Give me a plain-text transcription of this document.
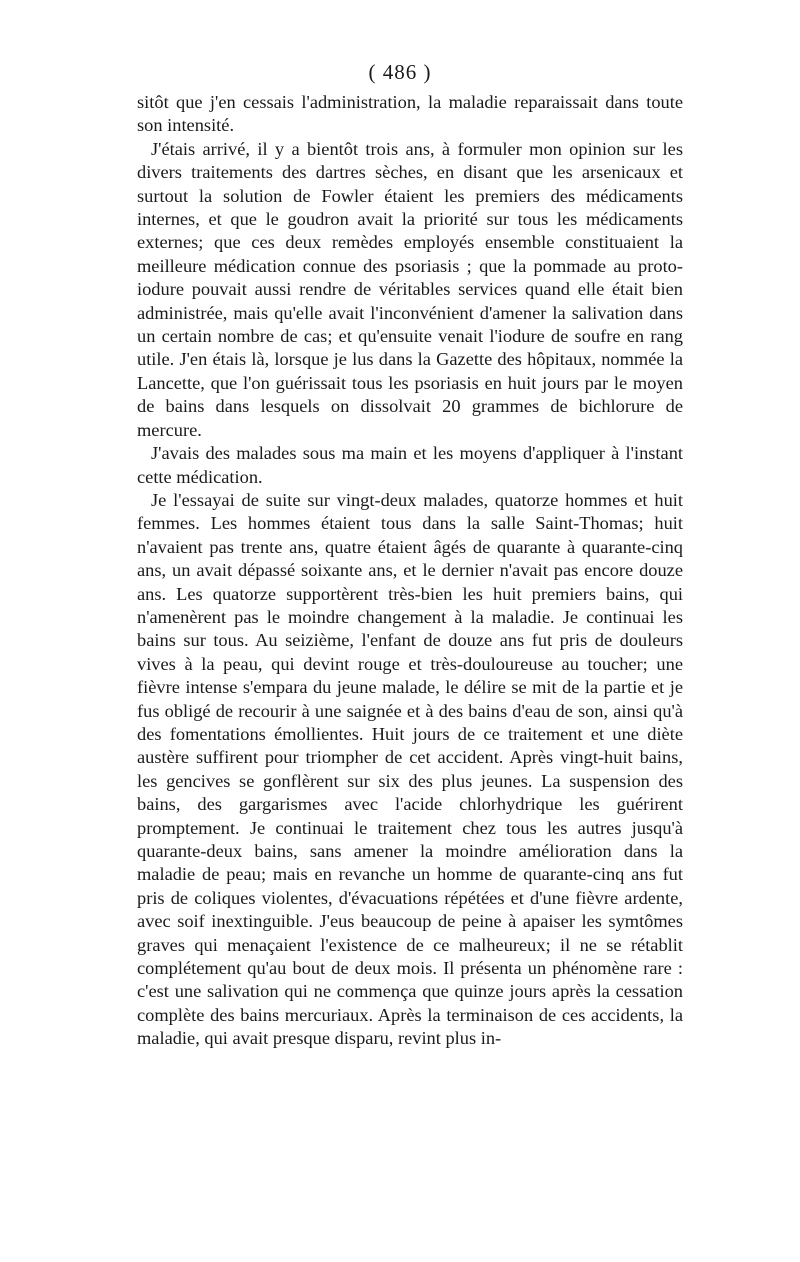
( 486 )

sitôt que j'en cessais l'administration, la maladie reparaissait dans toute son intensité.

J'étais arrivé, il y a bientôt trois ans, à formuler mon opinion sur les divers traitements des dartres sèches, en disant que les arsenicaux et surtout la solution de Fowler étaient les premiers des médicaments internes, et que le goudron avait la priorité sur tous les médicaments externes; que ces deux remèdes employés ensemble constituaient la meilleure médication connue des psoriasis ; que la pommade au proto-iodure pouvait aussi rendre de véritables services quand elle était bien administrée, mais qu'elle avait l'inconvénient d'amener la salivation dans un certain nombre de cas; et qu'ensuite venait l'iodure de soufre en rang utile. J'en étais là, lorsque je lus dans la Gazette des hôpitaux, nommée la Lancette, que l'on guérissait tous les psoriasis en huit jours par le moyen de bains dans lesquels on dissolvait 20 grammes de bichlorure de mercure.

J'avais des malades sous ma main et les moyens d'appliquer à l'instant cette médication.

Je l'essayai de suite sur vingt-deux malades, quatorze hommes et huit femmes. Les hommes étaient tous dans la salle Saint-Thomas; huit n'avaient pas trente ans, quatre étaient âgés de quarante à quarante-cinq ans, un avait dépassé soixante ans, et le dernier n'avait pas encore douze ans. Les quatorze supportèrent très-bien les huit premiers bains, qui n'amenèrent pas le moindre changement à la maladie. Je continuai les bains sur tous. Au seizième, l'enfant de douze ans fut pris de douleurs vives à la peau, qui devint rouge et très-douloureuse au toucher; une fièvre intense s'empara du jeune malade, le délire se mit de la partie et je fus obligé de recourir à une saignée et à des bains d'eau de son, ainsi qu'à des fomentations émollientes. Huit jours de ce traitement et une diète austère suffirent pour triompher de cet accident. Après vingt-huit bains, les gencives se gonflèrent sur six des plus jeunes. La suspension des bains, des gargarismes avec l'acide chlorhydrique les guérirent promptement. Je continuai le traitement chez tous les autres jusqu'à quarante-deux bains, sans amener la moindre amélioration dans la maladie de peau; mais en revanche un homme de quarante-cinq ans fut pris de coliques violentes, d'évacuations répétées et d'une fièvre ardente, avec soif inextinguible. J'eus beaucoup de peine à apaiser les symtômes graves qui menaçaient l'existence de ce malheureux; il ne se rétablit complétement qu'au bout de deux mois. Il présenta un phénomène rare : c'est une salivation qui ne commença que quinze jours après la cessation complète des bains mercuriaux. Après la terminaison de ces accidents, la maladie, qui avait presque disparu, revint plus in-
